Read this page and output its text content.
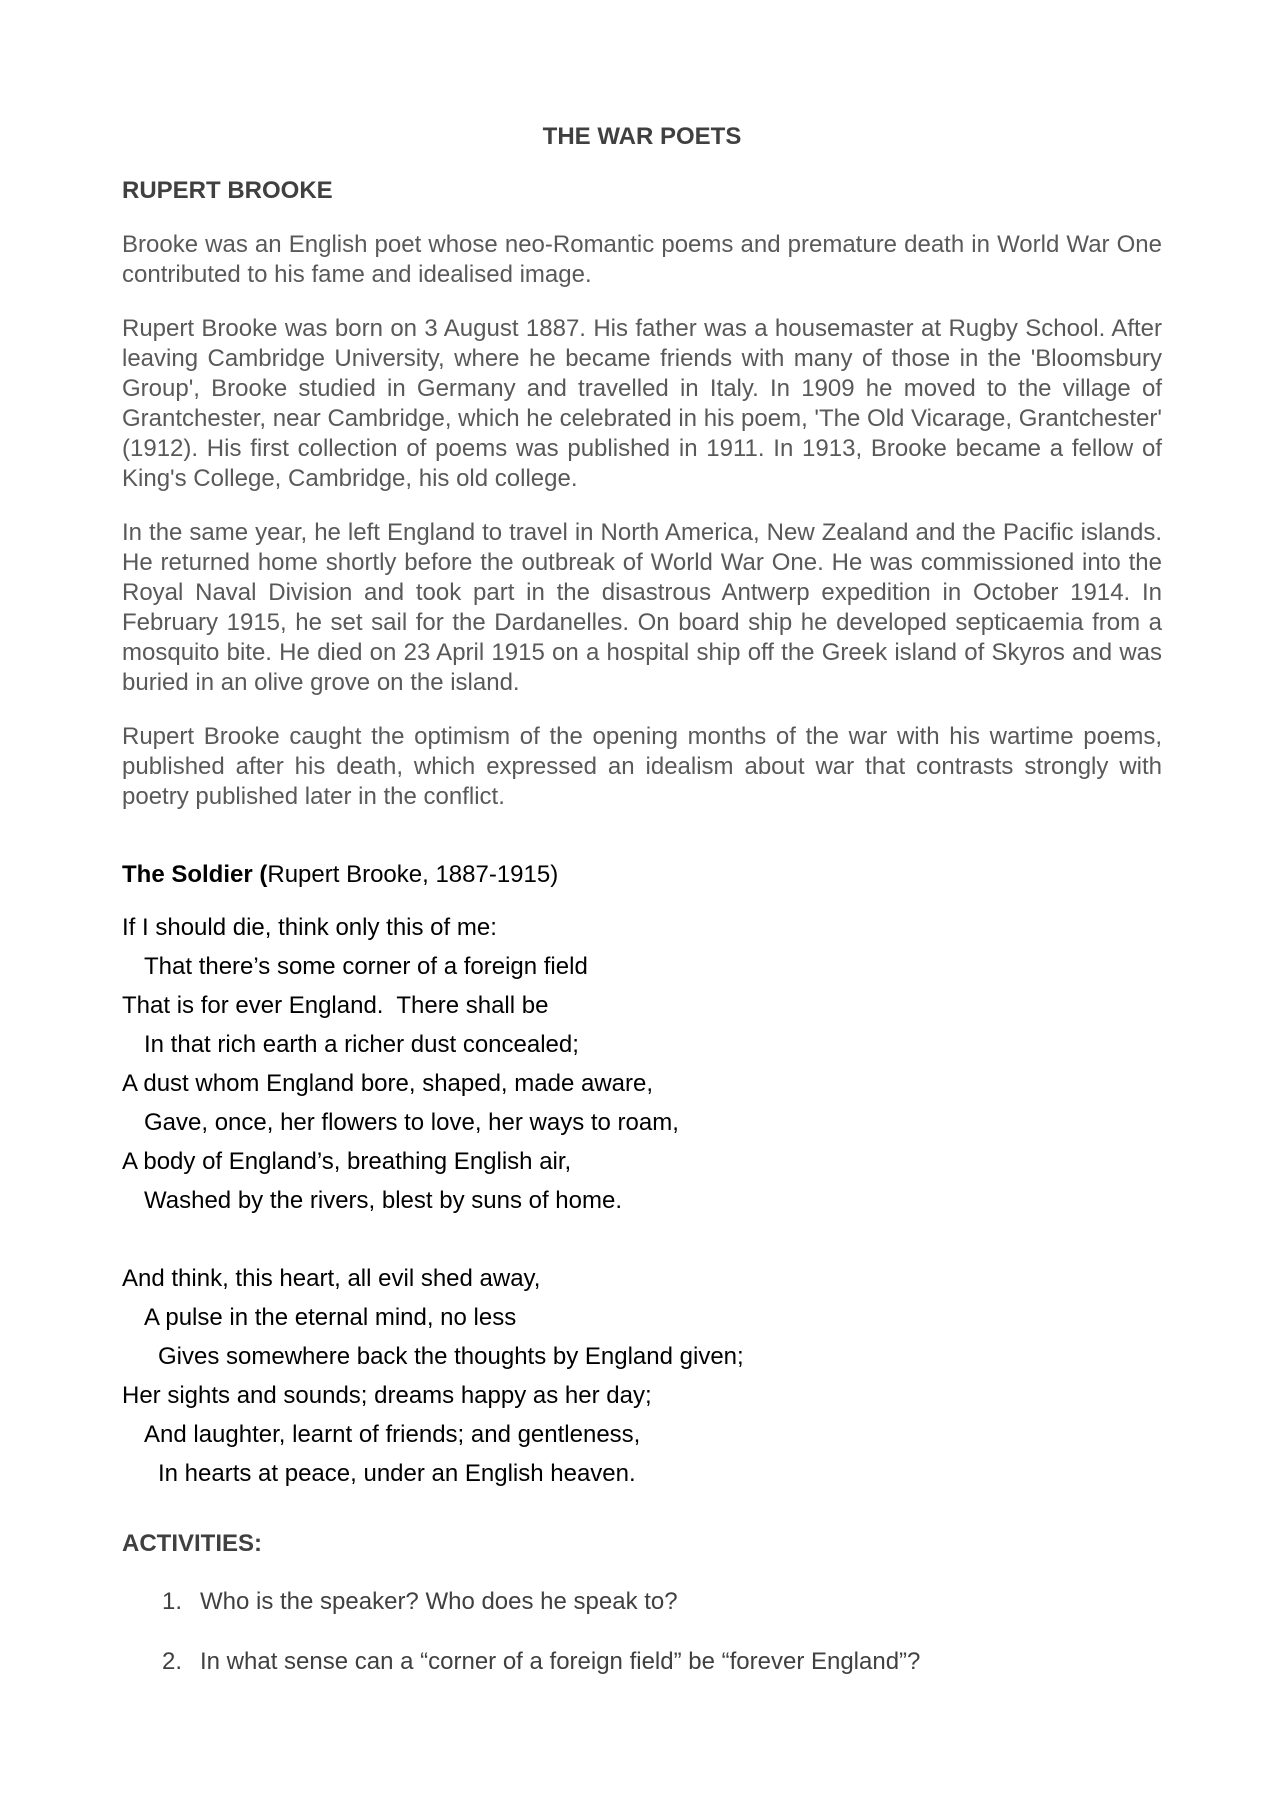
THE WAR POETS
RUPERT BROOKE

Brooke was an English poet whose neo-Romantic poems and premature death in World War One contributed to his fame and idealised image.

Rupert Brooke was born on 3 August 1887. His father was a housemaster at Rugby School. After leaving Cambridge University, where he became friends with many of those in the 'Bloomsbury Group', Brooke studied in Germany and travelled in Italy. In 1909 he moved to the village of Grantchester, near Cambridge, which he celebrated in his poem, 'The Old Vicarage, Grantchester' (1912). His first collection of poems was published in 1911. In 1913, Brooke became a fellow of King's College, Cambridge, his old college.

In the same year, he left England to travel in North America, New Zealand and the Pacific islands. He returned home shortly before the outbreak of World War One. He was commissioned into the Royal Naval Division and took part in the disastrous Antwerp expedition in October 1914. In February 1915, he set sail for the Dardanelles. On board ship he developed septicaemia from a mosquito bite. He died on 23 April 1915 on a hospital ship off the Greek island of Skyros and was buried in an olive grove on the island.

Rupert Brooke caught the optimism of the opening months of the war with his wartime poems, published after his death, which expressed an idealism about war that contrasts strongly with poetry published later in the conflict.

The Soldier (Rupert Brooke, 1887-1915)
If I should die, think only this of me:
That there’s some corner of a foreign field
That is for ever England.  There shall be
In that rich earth a richer dust concealed;
A dust whom England bore, shaped, made aware,
Gave, once, her flowers to love, her ways to roam,
A body of England’s, breathing English air,
Washed by the rivers, blest by suns of home.
And think, this heart, all evil shed away,
A pulse in the eternal mind, no less
Gives somewhere back the thoughts by England given;
Her sights and sounds; dreams happy as her day;
And laughter, learnt of friends; and gentleness,
In hearts at peace, under an English heaven.
ACTIVITIES:
1. Who is the speaker? Who does he speak to?
2. In what sense can a “corner of a foreign field” be “forever England”?
